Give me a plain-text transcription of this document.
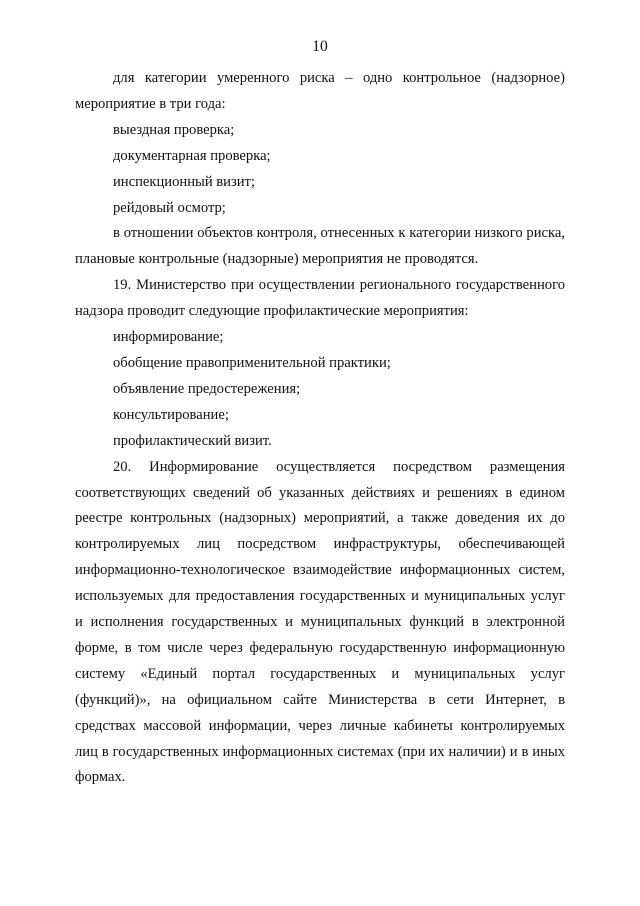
10

для категории умеренного риска – одно контрольное (надзорное) мероприятие в три года:

выездная проверка;
документарная проверка;
инспекционный визит;
рейдовый осмотр;

в отношении объектов контроля, отнесенных к категории низкого риска, плановые контрольные (надзорные) мероприятия не проводятся.

19. Министерство при осуществлении регионального государственного надзора проводит следующие профилактические мероприятия:

информирование;
обобщение правоприменительной практики;
объявление предостережения;
консультирование;
профилактический визит.

20. Информирование осуществляется посредством размещения соответствующих сведений об указанных действиях и решениях в едином реестре контрольных (надзорных) мероприятий, а также доведения их до контролируемых лиц посредством инфраструктуры, обеспечивающей информационно-технологическое взаимодействие информационных систем, используемых для предоставления государственных и муниципальных услуг и исполнения государственных и муниципальных функций в электронной форме, в том числе через федеральную государственную информационную систему «Единый портал государственных и муниципальных услуг (функций)», на официальном сайте Министерства в сети Интернет, в средствах массовой информации, через личные кабинеты контролируемых лиц в государственных информационных системах (при их наличии) и в иных формах.
